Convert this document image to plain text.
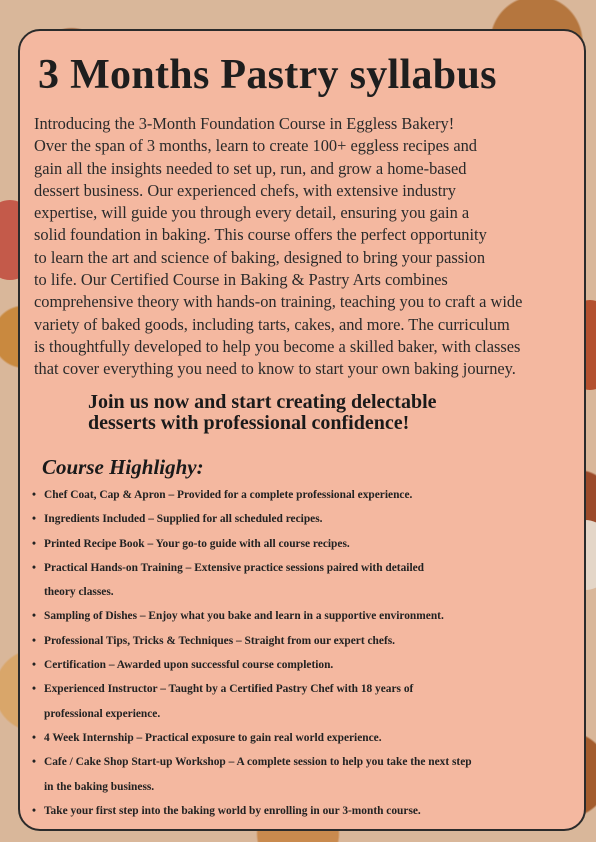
3 Months Pastry syllabus

Introducing the 3-Month Foundation Course in Eggless Bakery!
Over the span of 3 months, learn to create 100+ eggless recipes and
gain all the insights needed to set up, run, and grow a home-based
dessert business. Our experienced chefs, with extensive industry
expertise, will guide you through every detail, ensuring you gain a
solid foundation in baking. This course offers the perfect opportunity
to learn the art and science of baking, designed to bring your passion
to life. Our Certified Course in Baking & Pastry Arts combines
comprehensive theory with hands-on training, teaching you to craft a wide
variety of baked goods, including tarts, cakes, and more. The curriculum
is thoughtfully developed to help you become a skilled baker, with classes
that cover everything you need to know to start your own baking journey.

Join us now and start creating delectable
desserts with professional confidence!

Course Highlighy:
• Chef Coat, Cap & Apron – Provided for a complete professional experience.
• Ingredients Included – Supplied for all scheduled recipes.
• Printed Recipe Book – Your go-to guide with all course recipes.
• Practical Hands-on Training – Extensive practice sessions paired with detailed
theory classes.
• Sampling of Dishes – Enjoy what you bake and learn in a supportive environment.
• Professional Tips, Tricks & Techniques – Straight from our expert chefs.
• Certification – Awarded upon successful course completion.
• Experienced Instructor – Taught by a Certified Pastry Chef with 18 years of
professional experience.
• 4 Week Internship – Practical exposure to gain real world experience.
• Cafe / Cake Shop Start-up Workshop – A complete session to help you take the next step
in the baking business.
• Take your first step into the baking world by enrolling in our 3-month course.
